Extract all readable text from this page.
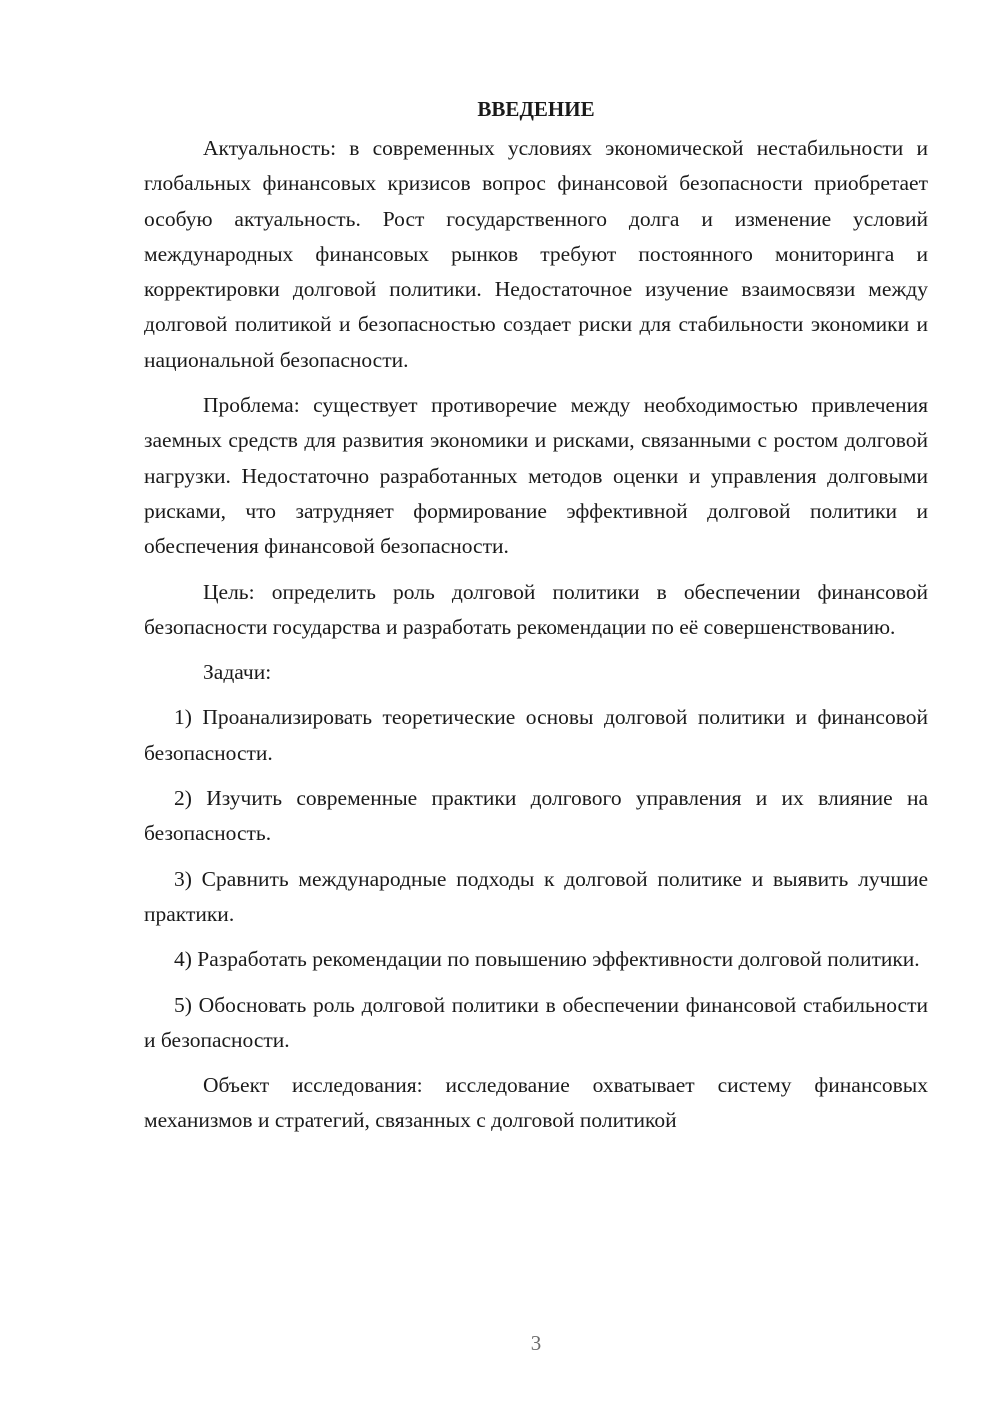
ВВЕДЕНИЕ

Актуальность: в современных условиях экономической нестабильности и глобальных финансовых кризисов вопрос финансовой безопасности приобретает особую актуальность. Рост государственного долга и изменение условий международных финансовых рынков требуют постоянного мониторинга и корректировки долговой политики. Недостаточное изучение взаимосвязи между долговой политикой и безопасностью создает риски для стабильности экономики и национальной безопасности.

Проблема: существует противоречие между необходимостью привлечения заемных средств для развития экономики и рисками, связанными с ростом долговой нагрузки. Недостаточно разработанных методов оценки и управления долговыми рисками, что затрудняет формирование эффективной долговой политики и обеспечения финансовой безопасности.

Цель: определить роль долговой политики в обеспечении финансовой безопасности государства и разработать рекомендации по её совершенствованию.

Задачи:

1) Проанализировать теоретические основы долговой политики и финансовой безопасности.

2) Изучить современные практики долгового управления и их влияние на безопасность.

3) Сравнить международные подходы к долговой политике и выявить лучшие практики.

4) Разработать рекомендации по повышению эффективности долговой политики.

5) Обосновать роль долговой политики в обеспечении финансовой стабильности и безопасности.

Объект исследования: исследование охватывает систему финансовых механизмов и стратегий, связанных с долговой политикой

3
